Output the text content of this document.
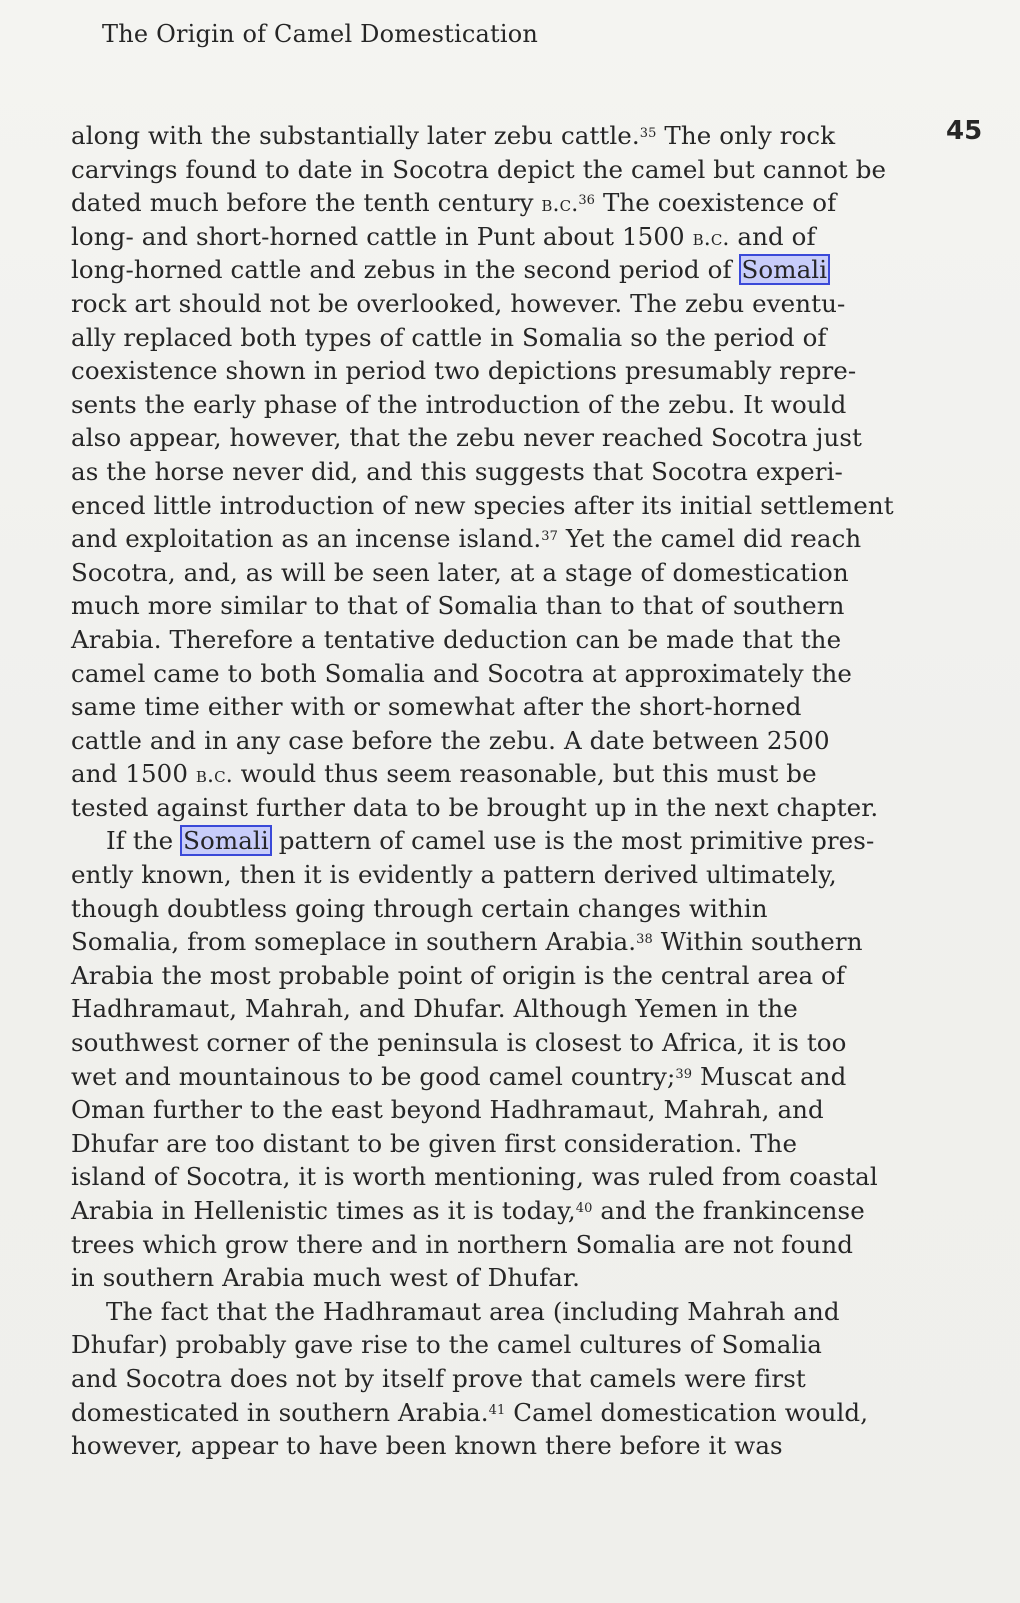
The Origin of Camel Domestication
45
along with the substantially later zebu cattle.$^{35}$ The only rock
carvings found to date in Socotra depict the camel but cannot be
dated much before the tenth century b.c.$^{36}$ The coexistence of
long- and short-horned cattle in Punt about 1500 b.c. and of
long-horned cattle and zebus in the second period of Somali
rock art should not be overlooked, however. The zebu eventu-
ally replaced both types of cattle in Somalia so the period of
coexistence shown in period two depictions presumably repre-
sents the early phase of the introduction of the zebu. It would
also appear, however, that the zebu never reached Socotra just
as the horse never did, and this suggests that Socotra experi-
enced little introduction of new species after its initial settlement
and exploitation as an incense island.$^{37}$ Yet the camel did reach
Socotra, and, as will be seen later, at a stage of domestication
much more similar to that of Somalia than to that of southern
Arabia. Therefore a tentative deduction can be made that the
camel came to both Somalia and Socotra at approximately the
same time either with or somewhat after the short-horned
cattle and in any case before the zebu. A date between 2500
and 1500 b.c. would thus seem reasonable, but this must be
tested against further data to be brought up in the next chapter.
If the Somali pattern of camel use is the most primitive pres-
ently known, then it is evidently a pattern derived ultimately,
though doubtless going through certain changes within
Somalia, from someplace in southern Arabia.$^{38}$ Within southern
Arabia the most probable point of origin is the central area of
Hadhramaut, Mahrah, and Dhufar. Although Yemen in the
southwest corner of the peninsula is closest to Africa, it is too
wet and mountainous to be good camel country;$^{39}$ Muscat and
Oman further to the east beyond Hadhramaut, Mahrah, and
Dhufar are too distant to be given first consideration. The
island of Socotra, it is worth mentioning, was ruled from coastal
Arabia in Hellenistic times as it is today,$^{40}$ and the frankincense
trees which grow there and in northern Somalia are not found
in southern Arabia much west of Dhufar.
The fact that the Hadhramaut area (including Mahrah and
Dhufar) probably gave rise to the camel cultures of Somalia
and Socotra does not by itself prove that camels were first
domesticated in southern Arabia.$^{41}$ Camel domestication would,
however, appear to have been known there before it was
